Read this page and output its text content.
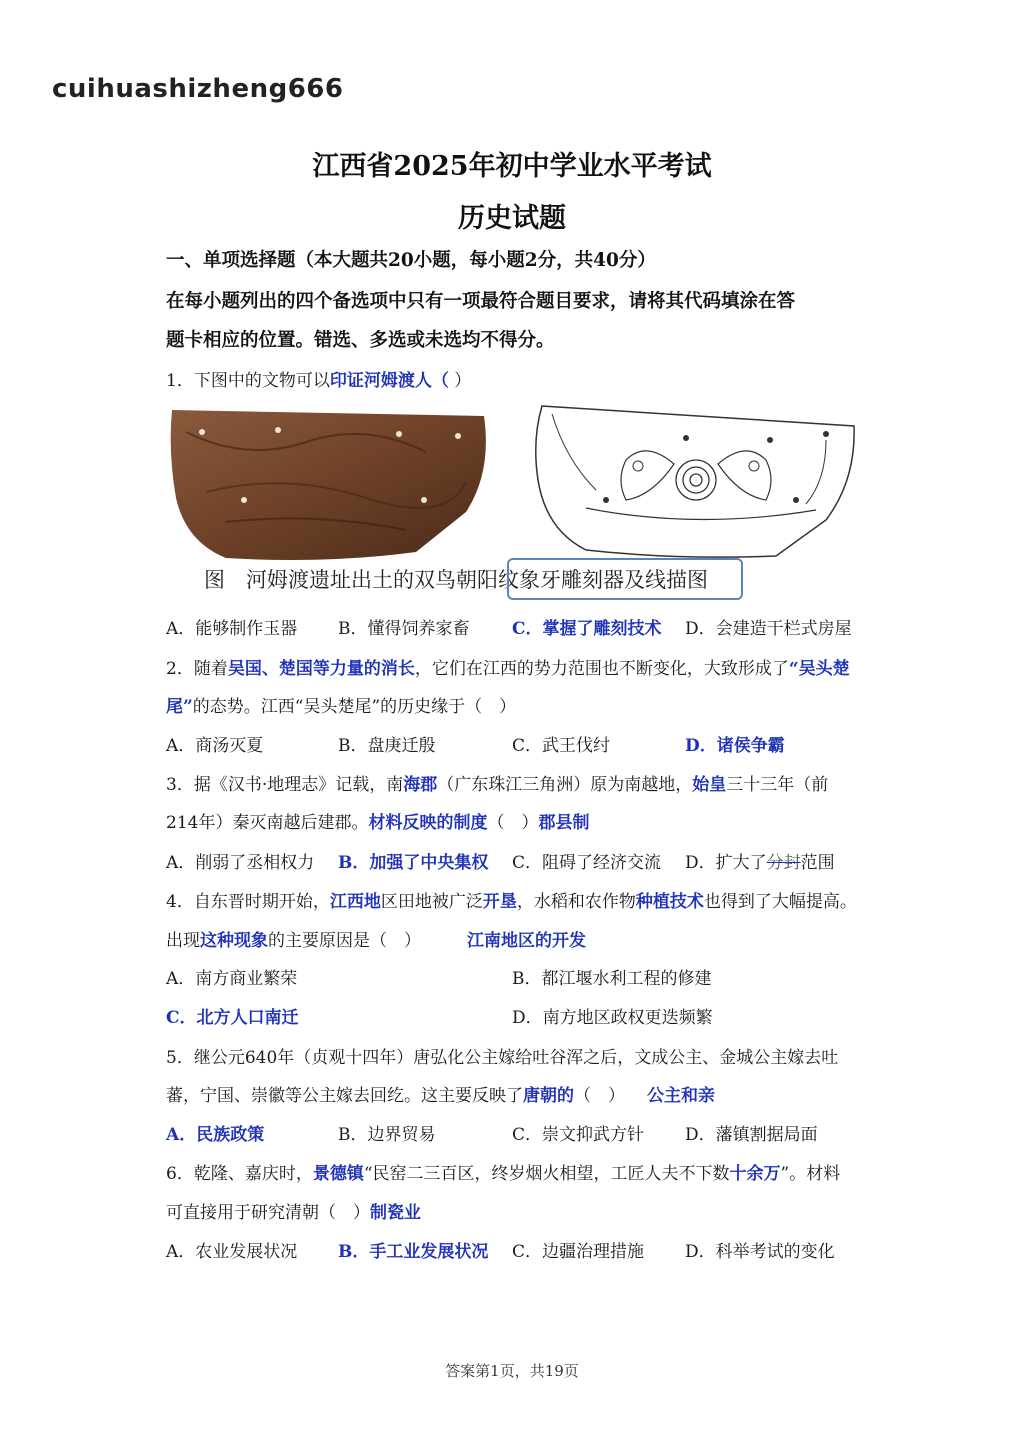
cuihuashizheng666
江西省2025年初中学业水平考试
历史试题
一、单项选择题（本大题共20小题，每小题2分，共40分）
在每小题列出的四个备选项中只有一项最符合题目要求，请将其代码填涂在答
题卡相应的位置。错选、多选或未选均不得分。
1．下图中的文物可以印证河姆渡人（ ）
图　河姆渡遗址出土的双鸟朝阳纹象牙雕刻器及线描图
A．能够制作玉器 B．懂得饲养家畜	C．掌握了雕刻技术 D．会建造干栏式房屋
2．随着吴国、楚国等力量的消长，它们在江西的势力范围也不断变化，大致形成了“吴头楚
尾”的态势。江西“吴头楚尾”的历史缘于（　）
A．商汤灭夏	B．盘庚迁殷	C．武王伐纣	D．诸侯争霸
3．据《汉书·地理志》记载，南海郡（广东珠江三角洲）原为南越地，始皇三十三年（前
214年）秦灭南越后建郡。材料反映的制度（　）郡县制
A．削弱了丞相权力 B．加强了中央集权 C．阻碍了经济交流 D．扩大了分封范围
4．自东晋时期开始，江西地区田地被广泛开垦，水稻和农作物种植技术也得到了大幅提高。
出现这种现象的主要原因是（　）	江南地区的开发
A．南方商业繁荣	B．都江堰水利工程的修建
C．北方人口南迁	D．南方地区政权更迭频繁
5．继公元640年（贞观十四年）唐弘化公主嫁给吐谷浑之后，文成公主、金城公主嫁去吐
蕃，宁国、崇徽等公主嫁去回纥。这主要反映了唐朝的（　） 公主和亲
A．民族政策	B．边界贸易	C．崇文抑武方针 D．藩镇割据局面
6．乾隆、嘉庆时，景德镇“民窑二三百区，终岁烟火相望，工匠人夫不下数十余万”。材料
可直接用于研究清朝（　）制瓷业
A．农业发展状况 B．手工业发展状况 C．边疆治理措施 D．科举考试的变化
答案第1页，共19页
